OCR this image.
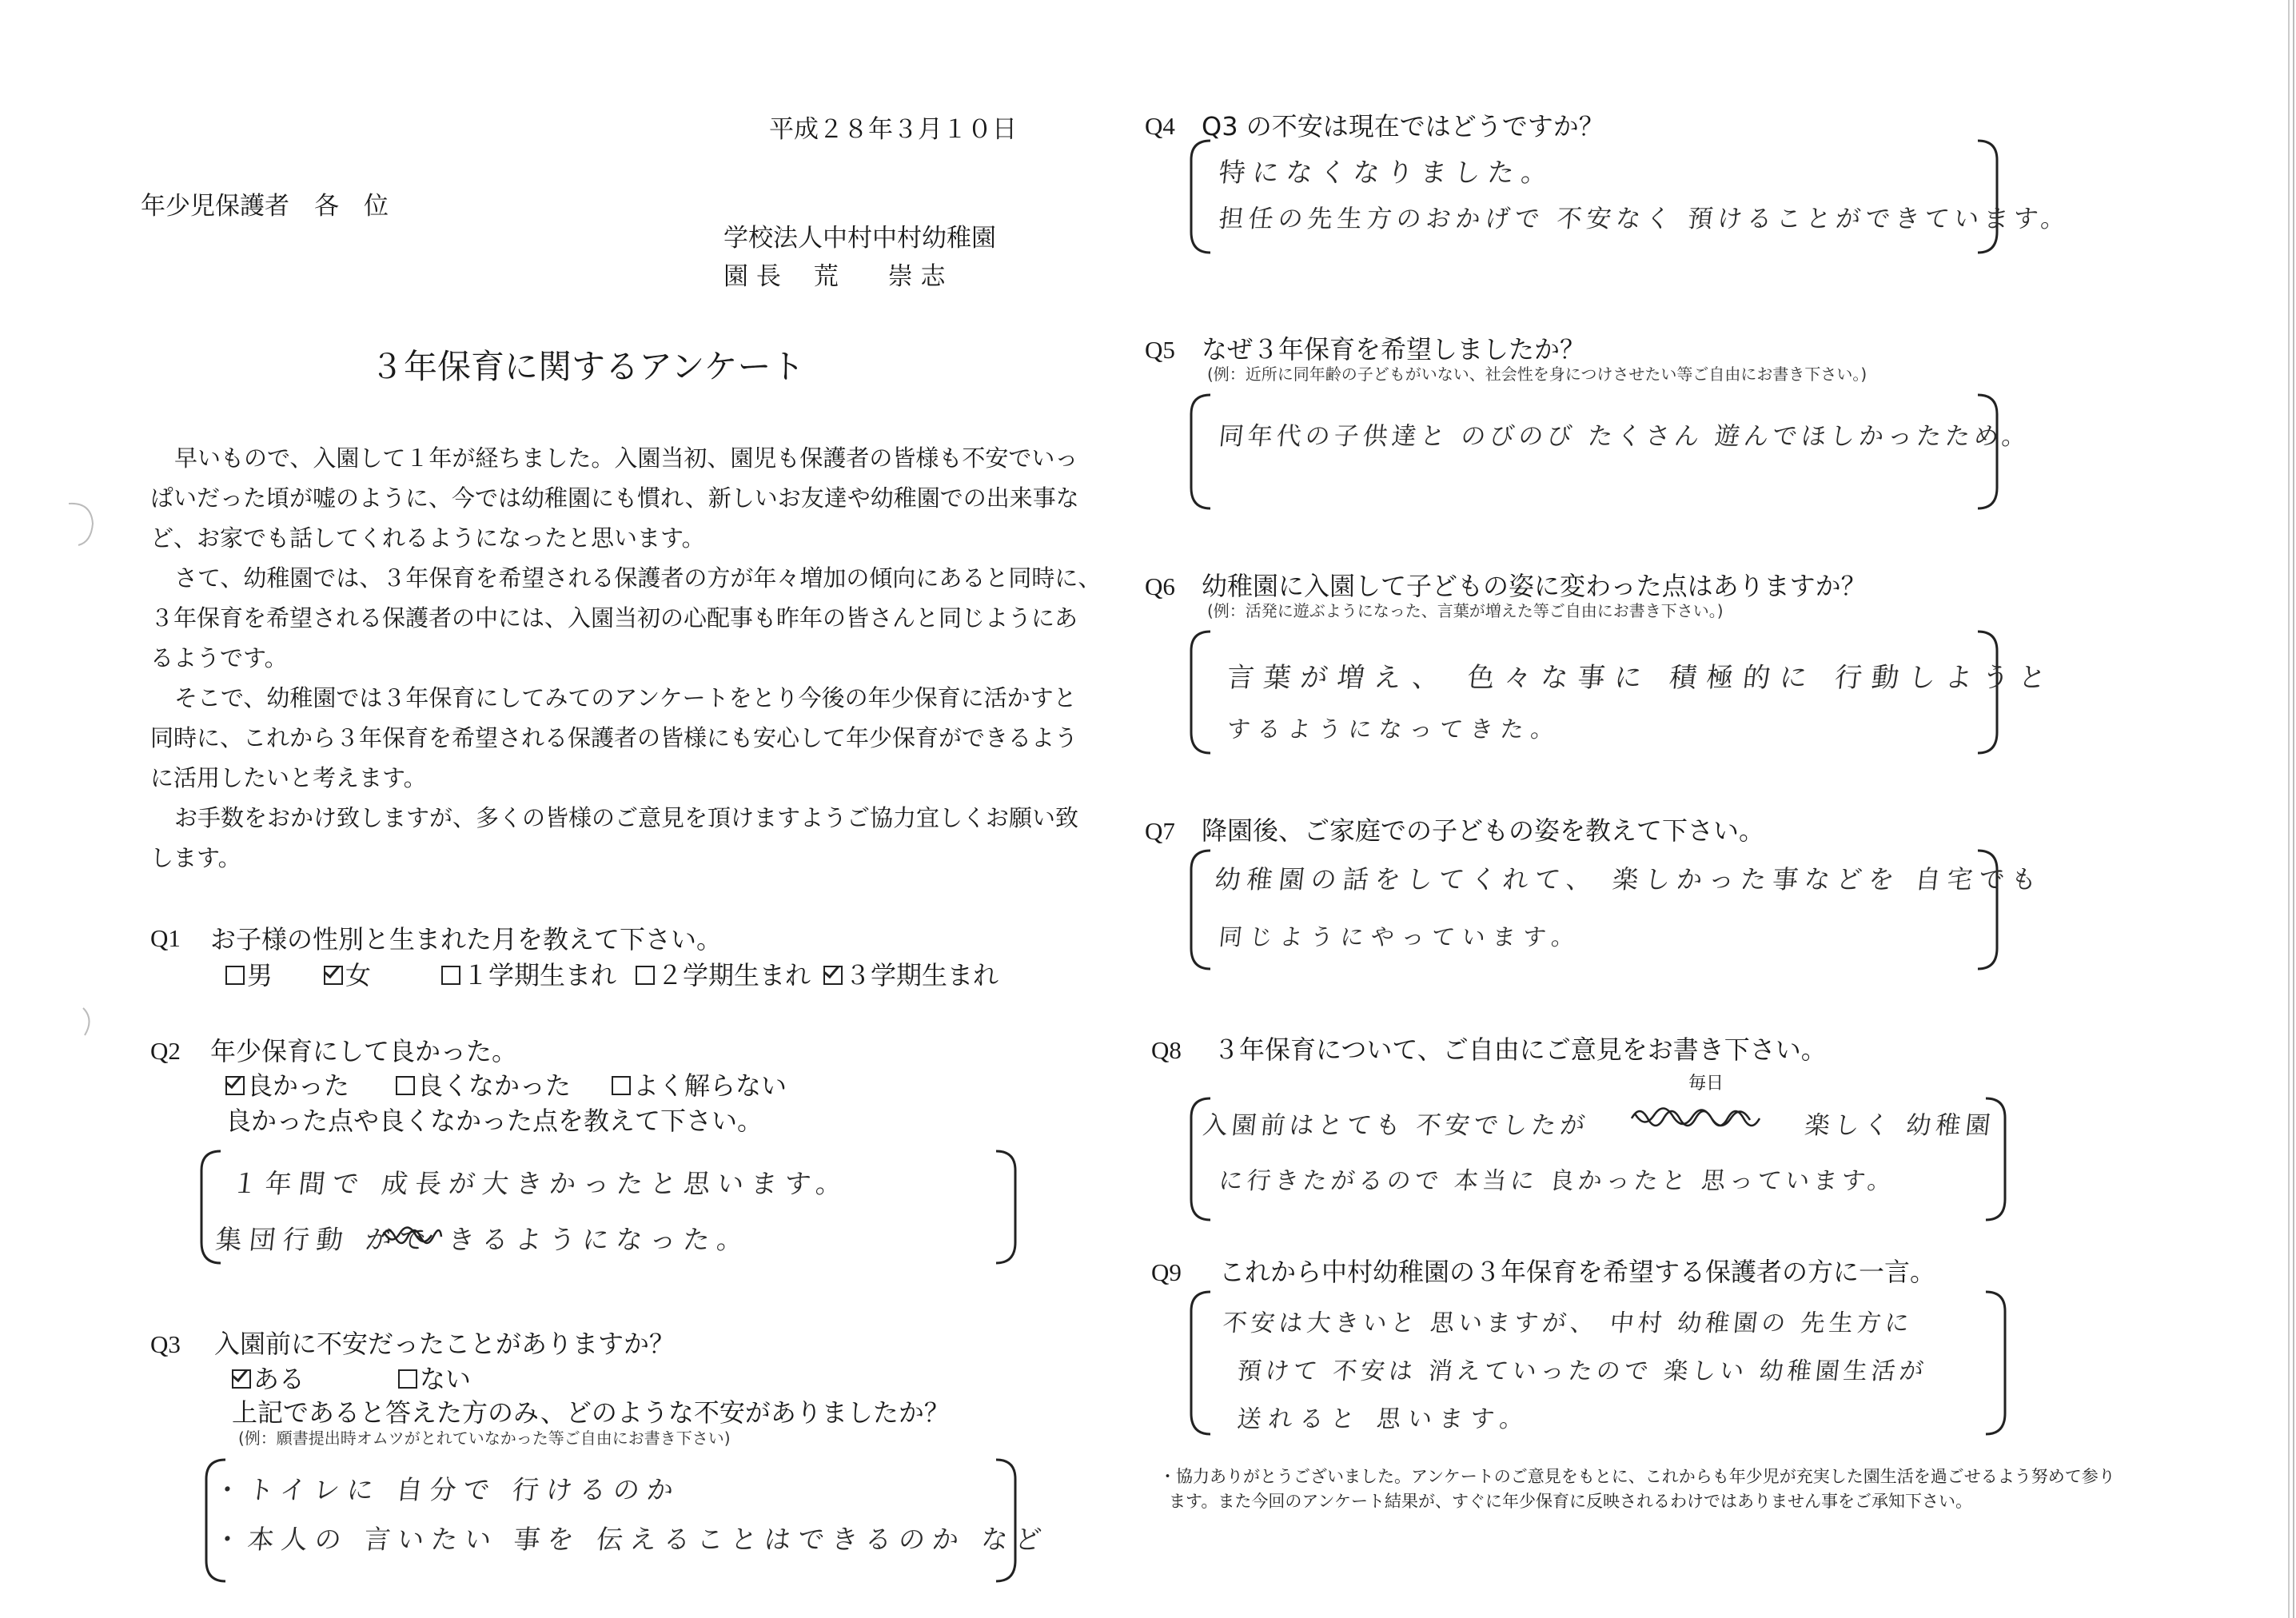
平成２８年３月１０日
年少児保護者　各　位
学校法人中村中村幼稚園
園 長　 荒　　崇 志
３年保育に関するアンケート
早いもので、入園して１年が経ちました。入園当初、園児も保護者の皆様も不安でいっ
ぱいだった頃が嘘のように、今では幼稚園にも慣れ、新しいお友達や幼稚園での出来事な
ど、お家でも話してくれるようになったと思います。
さて、幼稚園では、３年保育を希望される保護者の方が年々増加の傾向にあると同時に、
３年保育を希望される保護者の中には、入園当初の心配事も昨年の皆さんと同じようにあ
るようです。
そこで、幼稚園では３年保育にしてみてのアンケートをとり今後の年少保育に活かすと
同時に、これから３年保育を希望される保護者の皆様にも安心して年少保育ができるよう
に活用したいと考えます。
お手数をおかけ致しますが、多くの皆様のご意見を頂けますようご協力宜しくお願い致
します。
Q1 お子様の性別と生まれた月を教えて下さい。
男	女	１学期生まれ	２学期生まれ	３学期生まれ
Q2 年少保育にして良かった。
良かった	良くなかった	よく解らない
良かった点や良くなかった点を教えて下さい。
１年間で 成長が大きかったと思います。
集団行動 がで きるようになった。
Q3 入園前に不安だったことがありますか？
ある	ない
上記であると答えた方のみ、どのような不安がありましたか？
(例：願書提出時オムツがとれていなかった等ご自由にお書き下さい)
・トイレに 自分で 行けるのか
・本人の 言いたい 事を 伝えることはできるのか など
Q4 Q3 の不安は現在ではどうですか？
特になくなりました。
担任の先生方のおかげで 不安なく 預けることができています。
Q5 なぜ３年保育を希望しましたか？
(例：近所に同年齢の子どもがいない、社会性を身につけさせたい等ご自由にお書き下さい。)
同年代の子供達と のびのび たくさん 遊んでほしかったため。
Q6 幼稚園に入園して子どもの姿に変わった点はありますか？
(例：活発に遊ぶようになった、言葉が増えた等ご自由にお書き下さい。)
言葉が増え、 色々な事に 積極的に 行動しようと
するようになってきた。
Q7 降園後、ご家庭での子どもの姿を教えて下さい。
幼稚園の話をしてくれて、 楽しかった事などを 自宅でも
同じようにやっています。
Q8 ３年保育について、ご自由にご意見をお書き下さい。
毎日
入園前はとても 不安でしたが	楽しく 幼稚園
に行きたがるので 本当に 良かったと 思っています。
Q9 これから中村幼稚園の３年保育を希望する保護者の方に一言。
不安は大きいと 思いますが、 中村 幼稚園の 先生方に
預けて 不安は 消えていったので 楽しい 幼稚園生活が
送れると 思います。
・協力ありがとうございました。アンケートのご意見をもとに、これからも年少児が充実した園生活を過ごせるよう努めて参り
ます。また今回のアンケート結果が、すぐに年少保育に反映されるわけではありません事をご承知下さい。
